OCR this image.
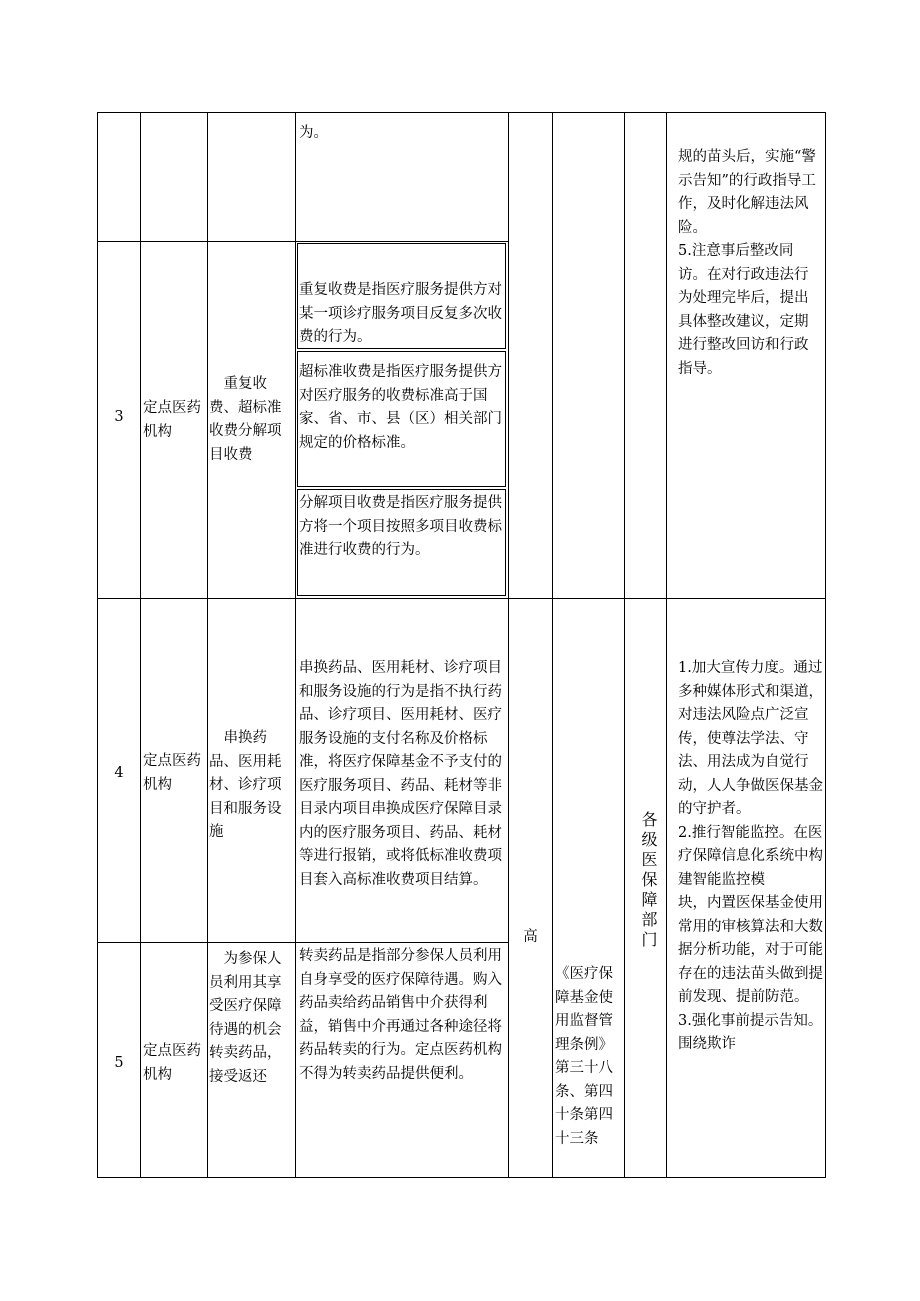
为。
3
定点医药机构
　重复收费、超标准收费分解项目收费
重复收费是指医疗服务提供方对某一项诊疗服务项目反复多次收费的行为。
超标准收费是指医疗服务提供方对医疗服务的收费标准高于国家、省、市、县（区）相关部门规定的价格标准。
分解项目收费是指医疗服务提供方将一个项目按照多项目收费标准进行收费的行为。
4
定点医药机构
　串换药品、医用耗材、诊疗项目和服务设施
串换药品、医用耗材、诊疗项目和服务设施的行为是指不执行药品、诊疗项目、医用耗材、医疗服务设施的支付名称及价格标准，将医疗保障基金不予支付的医疗服务项目、药品、耗材等非目录内项目串换成医疗保障目录内的医疗服务项目、药品、耗材等进行报销，或将低标准收费项目套入高标准收费项目结算。
5
定点医药机构
　为参保人员利用其享受医疗保障待遇的机会转卖药品，接受返还
转卖药品是指部分参保人员利用自身享受的医疗保障待遇。购入药品卖给药品销售中介获得利益，销售中介再通过各种途径将药品转卖的行为。定点医药机构不得为转卖药品提供便利。
高
《医疗保障基金使用监督管理条例》第三十八条、第四十条第四十三条
各级医保障部门
规的苗头后，实施“警示告知”的行政指导工作，及时化解违法风险。
5.注意事后整改同访。在对行政违法行为处理完毕后，提出具体整改建议，定期进行整改回访和行政指导。
1.加大宣传力度。通过多种媒体形式和渠道，对违法风险点广泛宣传，使尊法学法、守法、用法成为自觉行动，人人争做医保基金的守护者。
2.推行智能监控。在医疗保障信息化系统中构建智能监控模
块，内置医保基金使用常用的审核算法和大数据分析功能，对于可能存在的违法苗头做到提前发现、提前防范。
3.强化事前提示告知。围绕欺诈
